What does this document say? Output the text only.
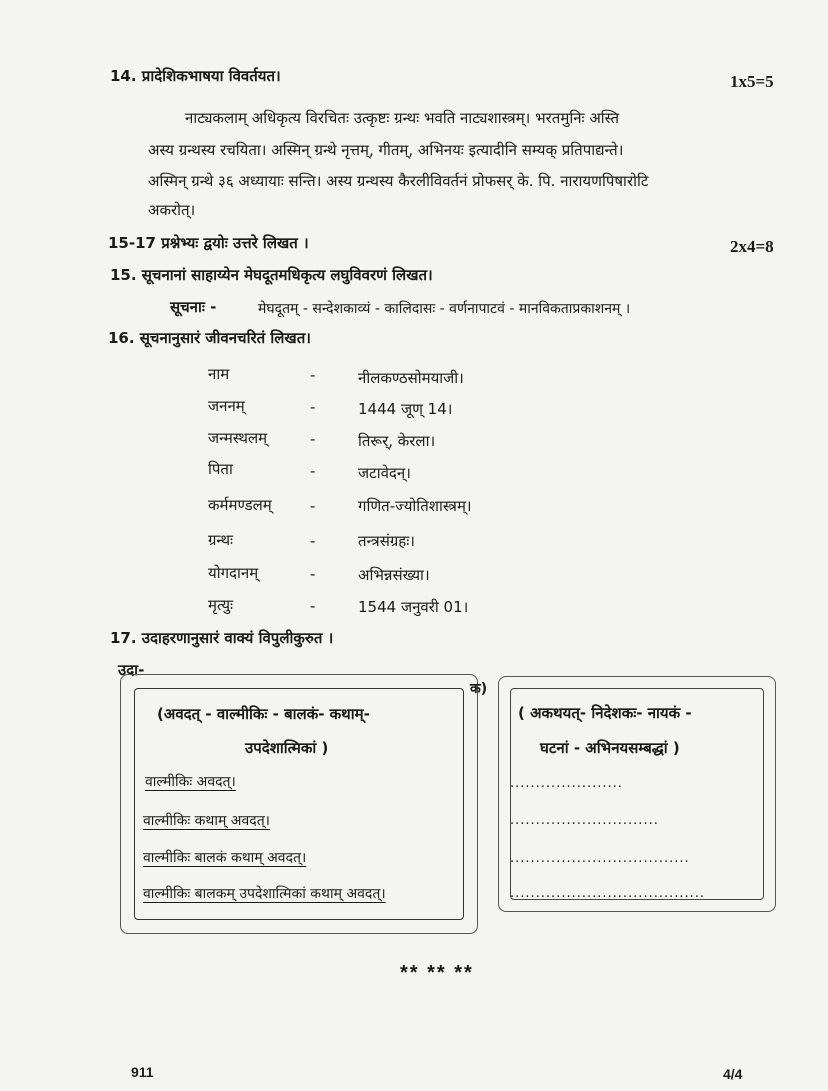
14. प्रादेशिकभाषया विवर्तयत।	1x5=5
नाट्यकलाम् अधिकृत्य विरचितः उत्कृष्टः ग्रन्थः भवति नाट्यशास्त्रम्। भरतमुनिः अस्ति
अस्य ग्रन्थस्य रचयिता। अस्मिन् ग्रन्थे नृत्तम्, गीतम्, अभिनयः इत्यादीनि सम्यक् प्रतिपाद्यन्ते।
अस्मिन् ग्रन्थे ३६ अध्यायाः सन्ति। अस्य ग्रन्थस्य कैरलीविवर्तनं प्रोफसर् के. पि. नारायणपिषारोटि
अकरोत्।
15-17 प्रश्नेभ्यः द्वयोः उत्तरे लिखत ।	2x4=8
15. सूचनानां साहाय्येन मेघदूतमधिकृत्य लघुविवरणं लिखत।
सूचनाः -	मेघदूतम् - सन्देशकाव्यं - कालिदासः - वर्णनापाटवं - मानविकताप्रकाशनम् ।
16. सूचनानुसारं जीवनचरितं लिखत।
नाम	-	नीलकण्ठसोमयाजी।
जननम्	-	1444 जूण् 14।
जन्मस्थलम्	-	तिरूर्, केरला।
पिता	-	जटावेदन्।
कर्ममण्डलम्	-	गणित-ज्योतिशास्त्रम्।
ग्रन्थः	-	तन्त्रसंग्रहः।
योगदानम्	-	अभिन्नसंख्या।
मृत्युः	-	1544 जनुवरी 01।
17. उदाहरणानुसारं वाक्यं विपुलीकुरुत ।
उदा-
(अवदत् - वाल्मीकिः - बालकं- कथाम्-
उपदेशात्मिकां )
वाल्मीकिः अवदत्।
वाल्मीकिः कथाम् अवदत्।
वाल्मीकिः बालकं कथाम् अवदत्।
वाल्मीकिः बालकम् उपदेशात्मिकां कथाम् अवदत्।
क)
( अकथयत्- निदेशकः- नायकं -
घटनां - अभिनयसम्बद्धां )
......................
.............................
...................................
......................................
** ** **
911	4/4
